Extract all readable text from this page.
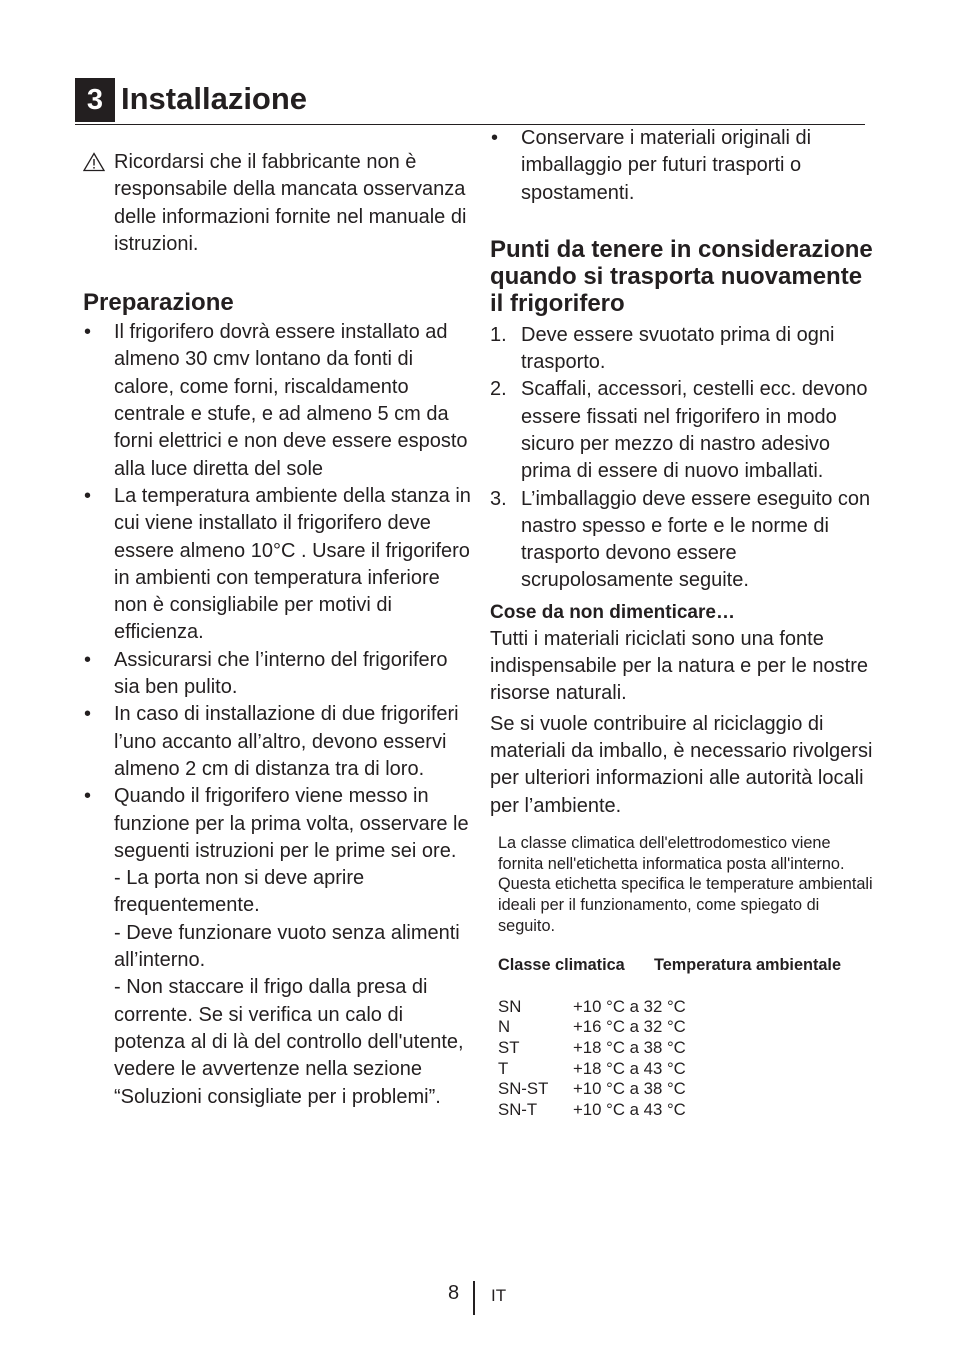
3 Installazione

Ricordarsi che il fabbricante non è responsabile della mancata osservanza delle informazioni fornite nel manuale di istruzioni.

Preparazione
• Il frigorifero dovrà essere installato ad almeno 30 cmv lontano da fonti di calore, come forni, riscaldamento centrale e stufe, e ad almeno 5 cm da forni elettrici e non deve essere esposto alla luce diretta del sole
• La temperatura ambiente della stanza in cui viene installato il frigorifero deve essere almeno 10°C . Usare il frigorifero in ambienti con temperatura inferiore non è consigliabile per motivi di efficienza.
• Assicurarsi che l’interno del frigorifero sia ben pulito.
• In caso di installazione di due frigoriferi l’uno accanto all’altro, devono esservi almeno 2 cm di distanza tra di loro.
• Quando il frigorifero viene messo in funzione per la prima volta, osservare le seguenti istruzioni per le prime sei ore.
- La porta non si deve aprire frequentemente.
- Deve funzionare vuoto senza alimenti all’interno.
- Non staccare il frigo dalla presa di corrente. Se si verifica un calo di potenza al di là del controllo dell'utente, vedere le avvertenze nella sezione “Soluzioni consigliate per i problemi”.
• Conservare i materiali originali di imballaggio per futuri trasporti o spostamenti.
Punti da tenere in considerazione quando si trasporta nuovamente il frigorifero
1. Deve essere svuotato prima di ogni trasporto.
2. Scaffali, accessori, cestelli ecc. devono essere fissati nel frigorifero in modo sicuro per mezzo di nastro adesivo prima di essere di nuovo imballati.
3. L’imballaggio deve essere eseguito con nastro spesso e forte e le norme di trasporto devono essere scrupolosamente seguite.
Cose da non dimenticare…

Tutti i materiali riciclati sono una fonte indispensabile per la natura e per le nostre risorse naturali.

Se si vuole contribuire al riciclaggio di materiali da imballo, è necessario rivolgersi per ulteriori informazioni alle autorità locali per l’ambiente.

La classe climatica dell'elettrodomestico viene fornita nell'etichetta informatica posta all'interno. Questa etichetta specifica le temperature ambientali ideali per il funzionamento, come spiegato di seguito.

Classe climatica	Temperatura ambientale
SN	+10 °C a 32 °C
N	+16 °C a 32 °C
ST	+18 °C a 38 °C
T	+18 °C a 43 °C
SN-ST	+10 °C a 38 °C
SN-T	+10 °C a 43 °C
8 IT
